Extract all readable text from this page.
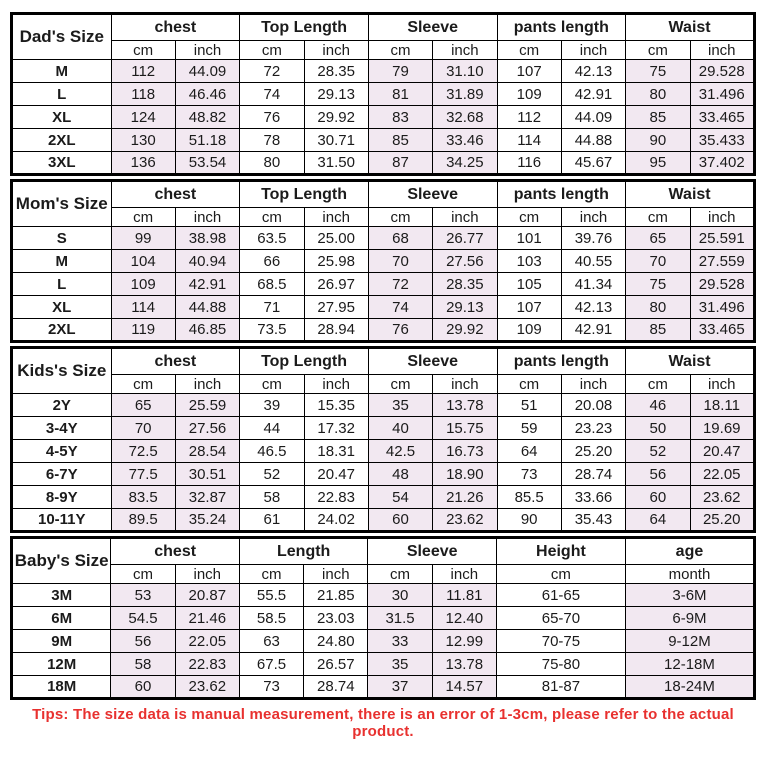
Dad's Size	chest		Top Length		Sleeve		pants length		Waist	
	cm	inch	cm	inch	cm	inch	cm	inch	cm	inch
M	112	44.09	72	28.35	79	31.10	107	42.13	75	29.528
L	118	46.46	74	29.13	81	31.89	109	42.91	80	31.496
XL	124	48.82	76	29.92	83	32.68	112	44.09	85	33.465
2XL	130	51.18	78	30.71	85	33.46	114	44.88	90	35.433
3XL	136	53.54	80	31.50	87	34.25	116	45.67	95	37.402
Mom's Size	chest		Top Length		Sleeve		pants length		Waist	
	cm	inch	cm	inch	cm	inch	cm	inch	cm	inch
S	99	38.98	63.5	25.00	68	26.77	101	39.76	65	25.591
M	104	40.94	66	25.98	70	27.56	103	40.55	70	27.559
L	109	42.91	68.5	26.97	72	28.35	105	41.34	75	29.528
XL	114	44.88	71	27.95	74	29.13	107	42.13	80	31.496
2XL	119	46.85	73.5	28.94	76	29.92	109	42.91	85	33.465
Kids's Size	chest		Top Length		Sleeve		pants length		Waist	
	cm	inch	cm	inch	cm	inch	cm	inch	cm	inch
2Y	65	25.59	39	15.35	35	13.78	51	20.08	46	18.11
3-4Y	70	27.56	44	17.32	40	15.75	59	23.23	50	19.69
4-5Y	72.5	28.54	46.5	18.31	42.5	16.73	64	25.20	52	20.47
6-7Y	77.5	30.51	52	20.47	48	18.90	73	28.74	56	22.05
8-9Y	83.5	32.87	58	22.83	54	21.26	85.5	33.66	60	23.62
10-11Y	89.5	35.24	61	24.02	60	23.62	90	35.43	64	25.20
Baby's Size	chest		Length		Sleeve		Height	age
	cm	inch	cm	inch	cm	inch	cm	month
3M	53	20.87	55.5	21.85	30	11.81	61-65	3-6M
6M	54.5	21.46	58.5	23.03	31.5	12.40	65-70	6-9M
9M	56	22.05	63	24.80	33	12.99	70-75	9-12M
12M	58	22.83	67.5	26.57	35	13.78	75-80	12-18M
18M	60	23.62	73	28.74	37	14.57	81-87	18-24M
Tips: The size data is manual measurement, there is an error of 1-3cm, please refer to the actual product.
